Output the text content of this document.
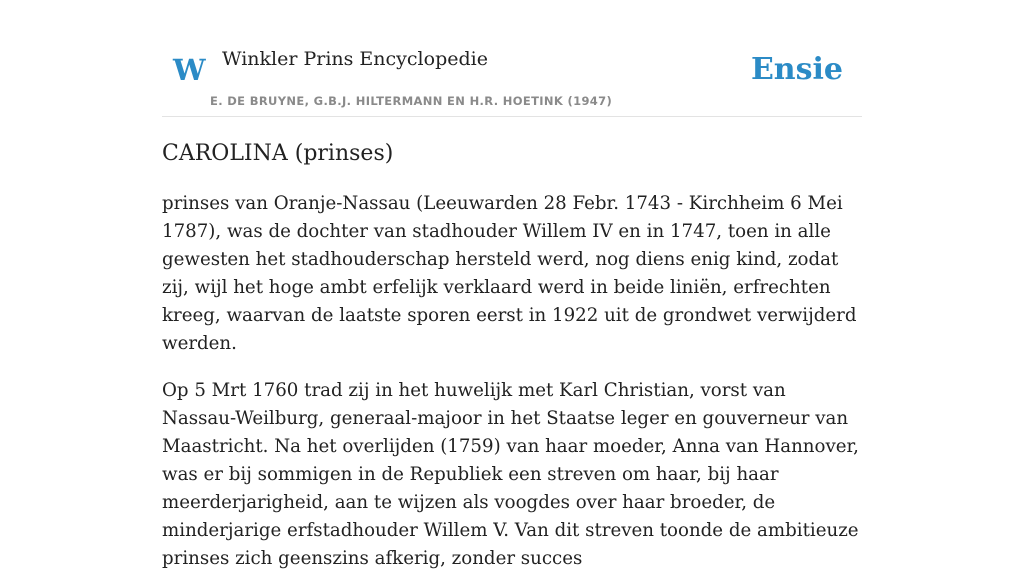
W Winkler Prins Encyclopedie
E. DE BRUYNE, G.B.J. HILTERMANN EN H.R. HOETINK (1947)
Ensie
CAROLINA (prinses)

prinses van Oranje-Nassau (Leeuwarden 28 Febr. 1743 - Kirchheim 6 Mei 1787), was de dochter van stadhouder Willem IV en in 1747, toen in alle gewesten het stadhouderschap hersteld werd, nog diens enig kind, zodat zij, wijl het hoge ambt erfelijk verklaard werd in beide liniën, erfrechten kreeg, waarvan de laatste sporen eerst in 1922 uit de grondwet verwijderd werden.

Op 5 Mrt 1760 trad zij in het huwelijk met Karl Christian, vorst van Nassau-Weilburg, generaal-majoor in het Staatse leger en gouverneur van Maastricht. Na het overlijden (1759) van haar moeder, Anna van Hannover, was er bij sommigen in de Republiek een streven om haar, bij haar meerderjarigheid, aan te wijzen als voogdes over haar broeder, de minderjarige erfstadhouder Willem V. Van dit streven toonde de ambitieuze prinses zich geenszins afkerig, zonder succes
